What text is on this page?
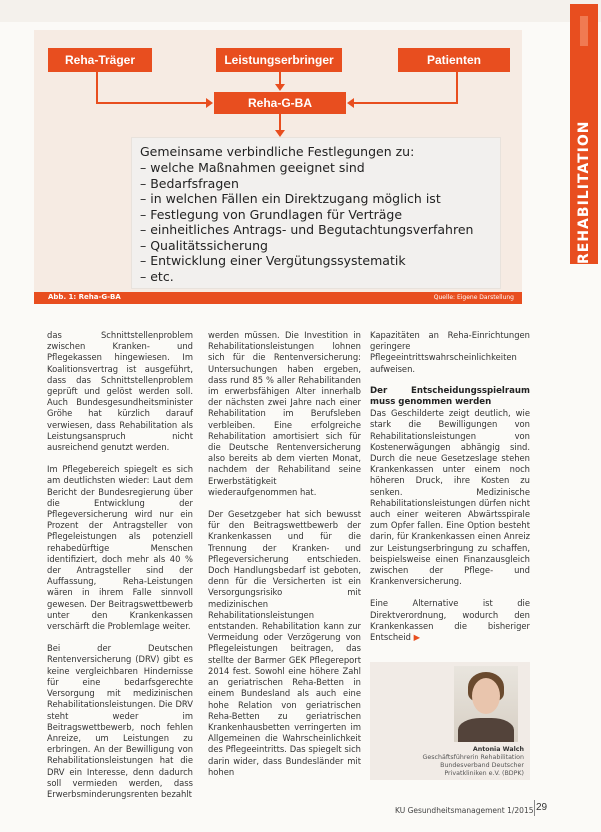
Reha-Träger	Leistungserbringer	Patienten
Reha-G-BA
Gemeinsame verbindliche Festlegungen zu:
– welche Maßnahmen geeignet sind
– Bedarfsfragen
– in welchen Fällen ein Direktzugang möglich ist
– Festlegung von Grundlagen für Verträge
– einheitliches Antrags- und Begutachtungsverfahren
– Qualitätssicherung
– Entwicklung einer Vergütungssystematik
– etc.
Abb. 1: Reha-G-BA	Quelle: Eigene Darstellung
REHABILITATION

das Schnittstellenproblem zwischen Kranken- und Pflegekassen hingewiesen. Im Koalitionsvertrag ist ausgeführt, dass das Schnittstellenproblem geprüft und gelöst werden soll. Auch Bundesgesundheitsminister Gröhe hat kürzlich darauf verwiesen, dass Rehabilitation als Leistungsanspruch nicht ausreichend genutzt werden.

Im Pflegebereich spiegelt es sich am deutlichsten wieder: Laut dem Bericht der Bundesregierung über die Entwicklung der Pflegeversicherung wird nur ein Prozent der Antragsteller von Pflegeleistungen als potenziell rehabedürftige Menschen identifiziert, doch mehr als 40 % der Antragsteller sind der Auffassung, Reha-Leistungen wären in ihrem Falle sinnvoll gewesen. Der Beitragswettbewerb unter den Krankenkassen verschärft die Problemlage weiter.

Bei der Deutschen Rentenversicherung (DRV) gibt es keine vergleichbaren Hindernisse für eine bedarfsgerechte Versorgung mit medizinischen Rehabilitationsleistungen. Die DRV steht weder im Beitragswettbewerb, noch fehlen Anreize, um Leistungen zu erbringen. An der Bewilligung von Rehabilitationsleistungen hat die DRV ein Interesse, denn dadurch soll vermieden werden, dass Erwerbsminderungsrenten bezahlt

werden müssen. Die Investition in Rehabilitationsleistungen lohnen sich für die Rentenversicherung: Untersuchungen haben ergeben, dass rund 85 % aller Rehabilitanden im erwerbsfähigen Alter innerhalb der nächsten zwei Jahre nach einer Rehabilitation im Berufsleben verbleiben. Eine erfolgreiche Rehabilitation amortisiert sich für die Deutsche Rentenversicherung also bereits ab dem vierten Monat, nachdem der Rehabilitand seine Erwerbstätigkeit wiederaufgenommen hat.

Der Gesetzgeber hat sich bewusst für den Beitragswettbewerb der Krankenkassen und für die Trennung der Kranken- und Pflegeversicherung entschieden. Doch Handlungsbedarf ist geboten, denn für die Versicherten ist ein Versorgungsrisiko mit medizinischen Rehabilitationsleistungen entstanden. Rehabilitation kann zur Vermeidung oder Verzögerung von Pflegeleistungen beitragen, das stellte der Barmer GEK Pflegereport 2014 fest. Sowohl eine höhere Zahl an geriatrischen Reha-Betten in einem Bundesland als auch eine hohe Relation von geriatrischen Reha-Betten zu geriatrischen Krankenhausbetten verringerten im Allgemeinen die Wahrscheinlichkeit des Pflegeeintritts. Das spiegelt sich darin wider, dass Bundesländer mit hohen

Kapazitäten an Reha-Einrichtungen geringere Pflegeeintrittswahrscheinlichkeiten aufweisen.

Der Entscheidungsspielraum muss genommen werden

Das Geschilderte zeigt deutlich, wie stark die Bewilligungen von Rehabilitationsleistungen von Kostenerwägungen abhängig sind. Durch die neue Gesetzeslage stehen Krankenkassen unter einem noch höheren Druck, ihre Kosten zu senken. Medizinische Rehabilitationsleistungen dürfen nicht auch einer weiteren Abwärtsspirale zum Opfer fallen. Eine Option besteht darin, für Krankenkassen einen Anreiz zur Leistungserbringung zu schaffen, beispielsweise einen Finanzausgleich zwischen der Pflege- und Krankenversicherung.

Eine Alternative ist die Direktverordnung, wodurch den Krankenkassen die bisheriger Entscheid ▶

Antonia Walch
Geschäftsführerin Rehabilitation
Bundesverband Deutscher
Privatkliniken e.V. (BDPK)
KU Gesundheitsmanagement 1/2015 29
